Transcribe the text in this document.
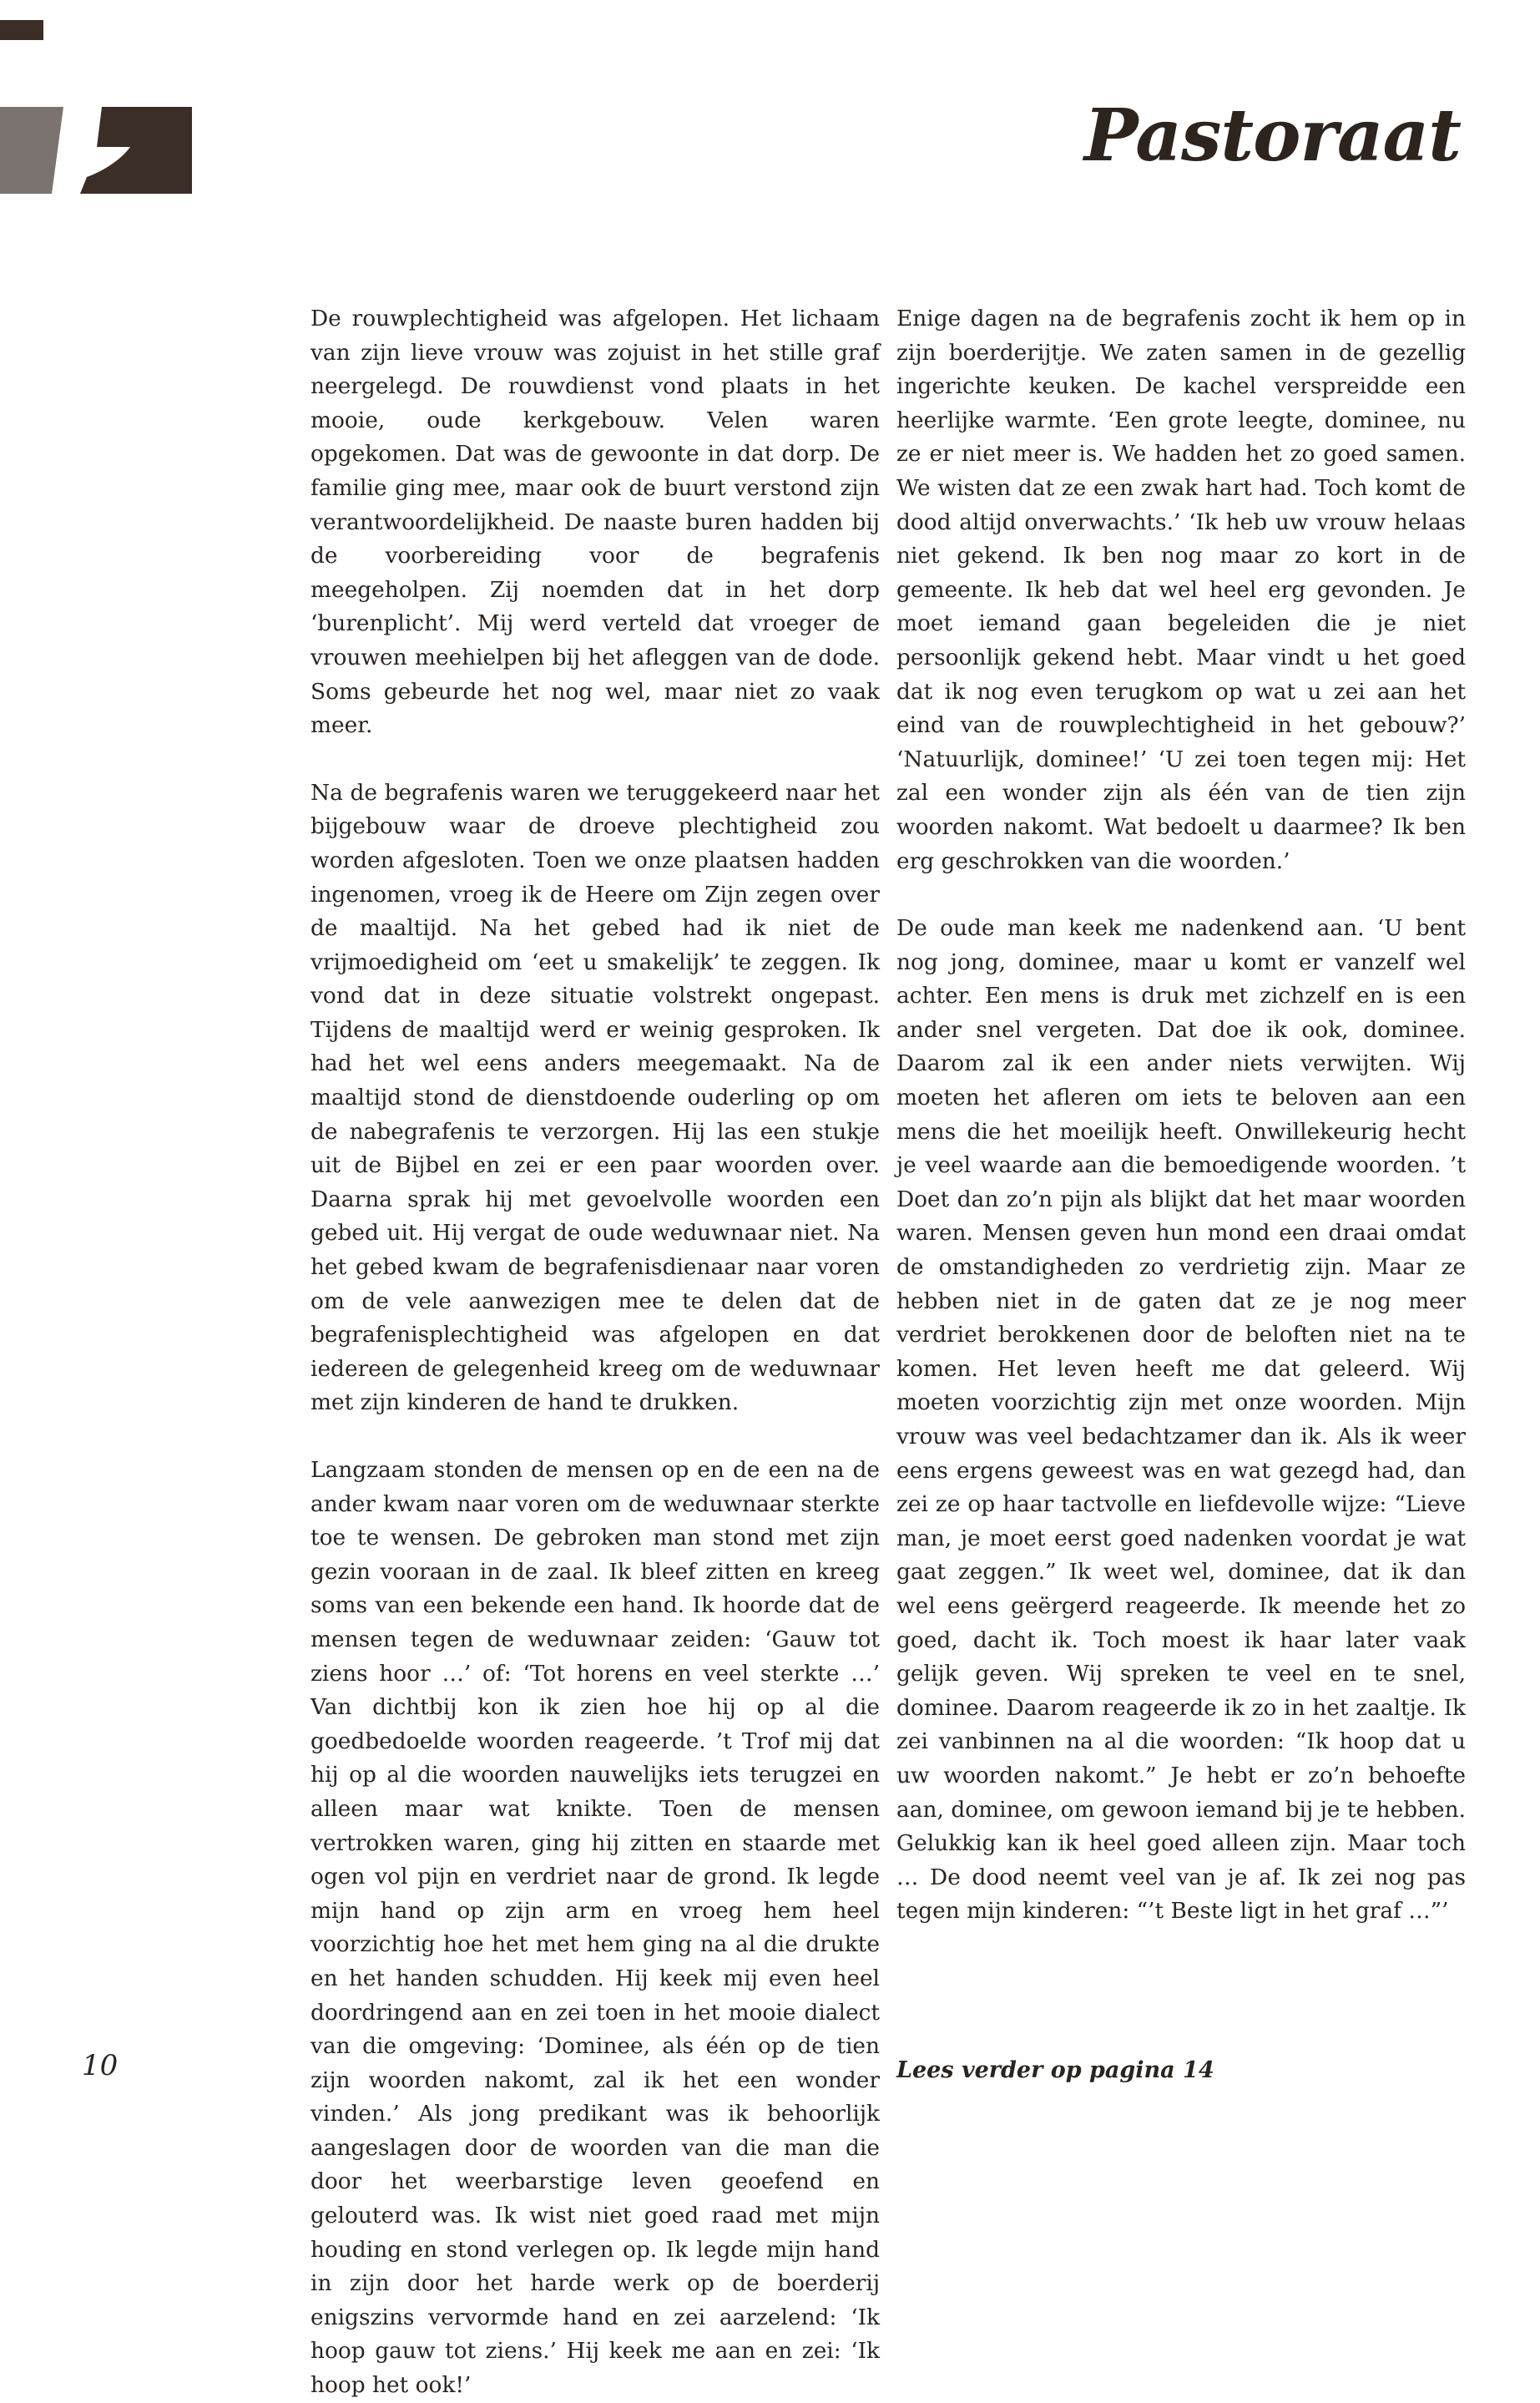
Pastoraat

De rouwplechtigheid was afgelopen. Het lichaam van zijn lieve vrouw was zojuist in het stille graf neergelegd. De rouwdienst vond plaats in het mooie, oude kerkgebouw. Velen waren opgekomen. Dat was de gewoonte in dat dorp. De familie ging mee, maar ook de buurt verstond zijn verantwoordelijkheid. De naaste buren hadden bij de voorbereiding voor de begrafenis meegeholpen. Zij noemden dat in het dorp ‘burenplicht’. Mij werd verteld dat vroeger de vrouwen meehielpen bij het afleggen van de dode. Soms gebeurde het nog wel, maar niet zo vaak meer.

Na de begrafenis waren we teruggekeerd naar het bijgebouw waar de droeve plechtigheid zou worden afgesloten. Toen we onze plaatsen hadden ingenomen, vroeg ik de Heere om Zijn zegen over de maaltijd. Na het gebed had ik niet de vrijmoedigheid om ‘eet u smakelijk’ te zeggen. Ik vond dat in deze situatie volstrekt ongepast. Tijdens de maaltijd werd er weinig gesproken. Ik had het wel eens anders meegemaakt. Na de maaltijd stond de dienstdoende ouderling op om de nabegrafenis te verzorgen. Hij las een stukje uit de Bijbel en zei er een paar woorden over. Daarna sprak hij met gevoelvolle woorden een gebed uit. Hij vergat de oude weduwnaar niet. Na het gebed kwam de begrafenisdienaar naar voren om de vele aanwezigen mee te delen dat de begrafenisplechtigheid was afgelopen en dat iedereen de gelegenheid kreeg om de weduwnaar met zijn kinderen de hand te drukken.

Langzaam stonden de mensen op en de een na de ander kwam naar voren om de weduwnaar sterkte toe te wensen. De gebroken man stond met zijn gezin vooraan in de zaal. Ik bleef zitten en kreeg soms van een bekende een hand. Ik hoorde dat de mensen tegen de weduwnaar zeiden: ‘Gauw tot ziens hoor …’ of: ‘Tot horens en veel sterkte …’ Van dichtbij kon ik zien hoe hij op al die goedbedoelde woorden reageerde. ’t Trof mij dat hij op al die woorden nauwelijks iets terugzei en alleen maar wat knikte. Toen de mensen vertrokken waren, ging hij zitten en staarde met ogen vol pijn en verdriet naar de grond. Ik legde mijn hand op zijn arm en vroeg hem heel voorzichtig hoe het met hem ging na al die drukte en het handen schudden. Hij keek mij even heel doordringend aan en zei toen in het mooie dialect van die omgeving: ‘Dominee, als één op de tien zijn woorden nakomt, zal ik het een wonder vinden.’ Als jong predikant was ik behoorlijk aangeslagen door de woorden van die man die door het weerbarstige leven geoefend en gelouterd was. Ik wist niet goed raad met mijn houding en stond verlegen op. Ik legde mijn hand in zijn door het harde werk op de boerderij enigszins vervormde hand en zei aarzelend: ‘Ik hoop gauw tot ziens.’ Hij keek me aan en zei: ‘Ik hoop het ook!’

Enige dagen na de begrafenis zocht ik hem op in zijn boerderijtje. We zaten samen in de gezellig ingerichte keuken. De kachel verspreidde een heerlijke warmte. ‘Een grote leegte, dominee, nu ze er niet meer is. We hadden het zo goed samen. We wisten dat ze een zwak hart had. Toch komt de dood altijd onverwachts.’ ‘Ik heb uw vrouw helaas niet gekend. Ik ben nog maar zo kort in de gemeente. Ik heb dat wel heel erg gevonden. Je moet iemand gaan begeleiden die je niet persoonlijk gekend hebt. Maar vindt u het goed dat ik nog even terugkom op wat u zei aan het eind van de rouwplechtigheid in het gebouw?’ ‘Natuurlijk, dominee!’ ‘U zei toen tegen mij: Het zal een wonder zijn als één van de tien zijn woorden nakomt. Wat bedoelt u daarmee? Ik ben erg geschrokken van die woorden.’

De oude man keek me nadenkend aan. ‘U bent nog jong, dominee, maar u komt er vanzelf wel achter. Een mens is druk met zichzelf en is een ander snel vergeten. Dat doe ik ook, dominee. Daarom zal ik een ander niets verwijten. Wij moeten het afleren om iets te beloven aan een mens die het moeilijk heeft. Onwillekeurig hecht je veel waarde aan die bemoedigende woorden. ’t Doet dan zo’n pijn als blijkt dat het maar woorden waren. Mensen geven hun mond een draai omdat de omstandigheden zo verdrietig zijn. Maar ze hebben niet in de gaten dat ze je nog meer verdriet berokkenen door de beloften niet na te komen. Het leven heeft me dat geleerd. Wij moeten voorzichtig zijn met onze woorden. Mijn vrouw was veel bedachtzamer dan ik. Als ik weer eens ergens geweest was en wat gezegd had, dan zei ze op haar tactvolle en liefdevolle wijze: “Lieve man, je moet eerst goed nadenken voordat je wat gaat zeggen.” Ik weet wel, dominee, dat ik dan wel eens geërgerd reageerde. Ik meende het zo goed, dacht ik. Toch moest ik haar later vaak gelijk geven. Wij spreken te veel en te snel, dominee. Daarom reageerde ik zo in het zaaltje. Ik zei vanbinnen na al die woorden: “Ik hoop dat u uw woorden nakomt.” Je hebt er zo’n behoefte aan, dominee, om gewoon iemand bij je te hebben. Gelukkig kan ik heel goed alleen zijn. Maar toch … De dood neemt veel van je af. Ik zei nog pas tegen mijn kinderen: “’t Beste ligt in het graf …”’

10	Lees verder op pagina 14
